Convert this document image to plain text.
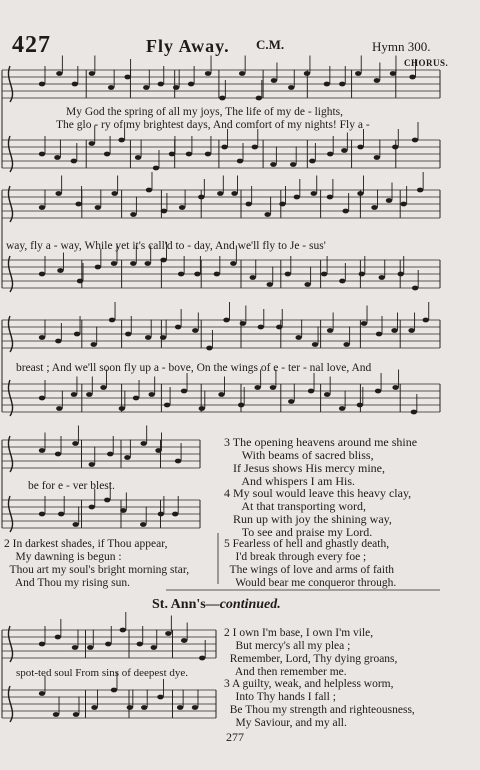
427	Fly Away. C.M.	Hymn 300.
CHORUS.
My God the spring of all my joys, The life of my de - lights,
The glo - ry of my brightest days, And comfort of my nights! Fly a -
way, fly a - way, While yet it's call'd to - day, And we'll fly to Je - sus'
breast ; And we'll soon fly up a - bove, On the wings of e - ter - nal love, And
be for e - ver blest.
3 The opening heavens around me shine
With beams of sacred bliss,
If Jesus shows His mercy mine,
And whispers I am His.
4 My soul would leave this heavy clay,
At that transporting word,
Run up with joy the shining way,
To see and praise my Lord.
2 In darkest shades, if Thou appear,
My dawning is begun :
Thou art my soul's bright morning star,
And Thou my rising sun.
5 Fearless of hell and ghastly death,
I'd break through every foe ;
The wings of love and arms of faith
Would bear me conqueror through.
St. Ann's—continued.
spot-ted soul From sins of deepest dye.
2 I own I'm base, I own I'm vile,
But mercy's all my plea ;
Remember, Lord, Thy dying groans,
And then remember me.
3 A guilty, weak, and helpless worm,
Into Thy hands I fall ;
Be Thou my strength and righteousness,
My Saviour, and my all.
277
